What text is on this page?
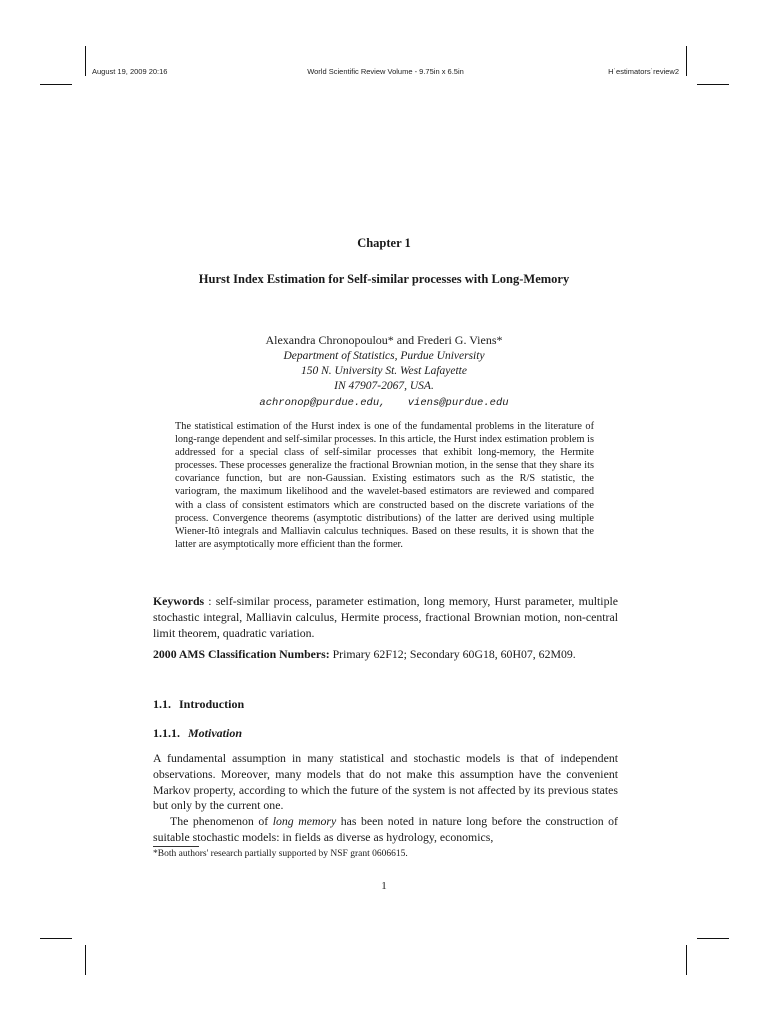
August 19, 2009 20:16	World Scientific Review Volume - 9.75in x 6.5in	H˙estimators˙review2
Chapter 1
Hurst Index Estimation for Self-similar processes with Long-Memory
Alexandra Chronopoulou* and Frederi G. Viens*
Department of Statistics, Purdue University
150 N. University St. West Lafayette
IN 47907-2067, USA.
achronop@purdue.edu, viens@purdue.edu

The statistical estimation of the Hurst index is one of the fundamental problems in the literature of long-range dependent and self-similar processes. In this article, the Hurst index estimation problem is addressed for a special class of self-similar processes that exhibit long-memory, the Hermite processes. These processes generalize the fractional Brownian motion, in the sense that they share its covariance function, but are non-Gaussian. Existing estimators such as the R/S statistic, the variogram, the maximum likelihood and the wavelet-based estimators are reviewed and compared with a class of consistent estimators which are constructed based on the discrete variations of the process. Convergence theorems (asymptotic distributions) of the latter are derived using multiple Wiener-Itô integrals and Malliavin calculus techniques. Based on these results, it is shown that the latter are asymptotically more efficient than the former.

Keywords : self-similar process, parameter estimation, long memory, Hurst parameter, multiple stochastic integral, Malliavin calculus, Hermite process, fractional Brownian motion, non-central limit theorem, quadratic variation.

2000 AMS Classification Numbers: Primary 62F12; Secondary 60G18, 60H07, 62M09.

1.1. Introduction
1.1.1. Motivation

A fundamental assumption in many statistical and stochastic models is that of independent observations. Moreover, many models that do not make this assumption have the convenient Markov property, according to which the future of the system is not affected by its previous states but only by the current one.

The phenomenon of long memory has been noted in nature long before the construction of suitable stochastic models: in fields as diverse as hydrology, economics,

*Both authors' research partially supported by NSF grant 0606615.
1
